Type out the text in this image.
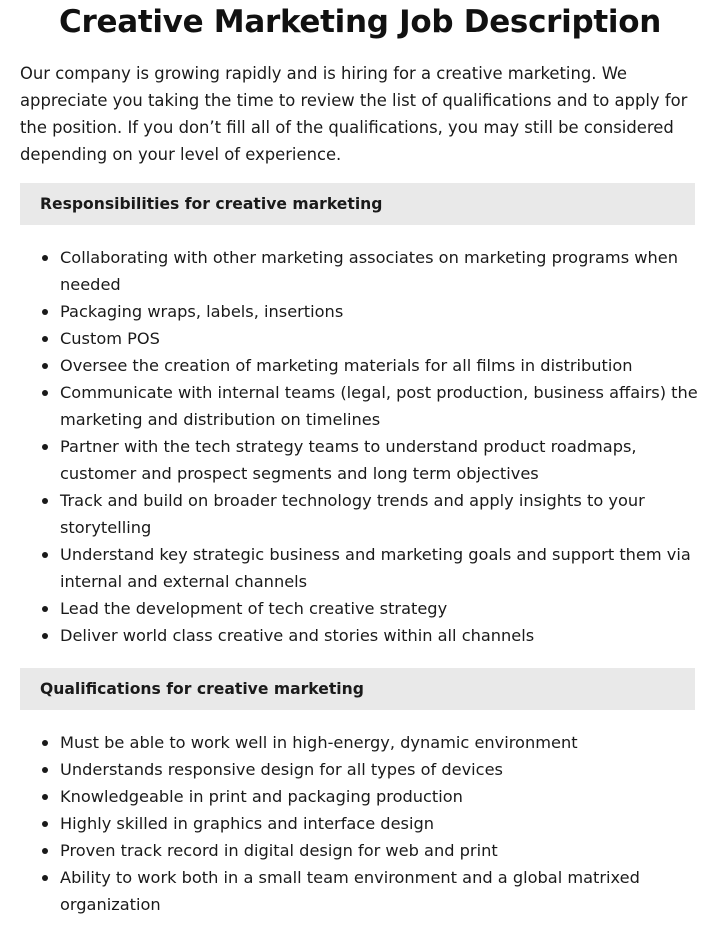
Creative Marketing Job Description

Our company is growing rapidly and is hiring for a creative marketing. We appreciate you taking the time to review the list of qualifications and to apply for the position. If you don’t fill all of the qualifications, you may still be considered depending on your level of experience.

Responsibilities for creative marketing
Collaborating with other marketing associates on marketing programs when needed
Packaging wraps, labels, insertions
Custom POS
Oversee the creation of marketing materials for all films in distribution
Communicate with internal teams (legal, post production, business affairs) the marketing and distribution on timelines
Partner with the tech strategy teams to understand product roadmaps, customer and prospect segments and long term objectives
Track and build on broader technology trends and apply insights to your storytelling
Understand key strategic business and marketing goals and support them via internal and external channels
Lead the development of tech creative strategy
Deliver world class creative and stories within all channels
Qualifications for creative marketing
Must be able to work well in high-energy, dynamic environment
Understands responsive design for all types of devices
Knowledgeable in print and packaging production
Highly skilled in graphics and interface design
Proven track record in digital design for web and print
Ability to work both in a small team environment and a global matrixed organization
